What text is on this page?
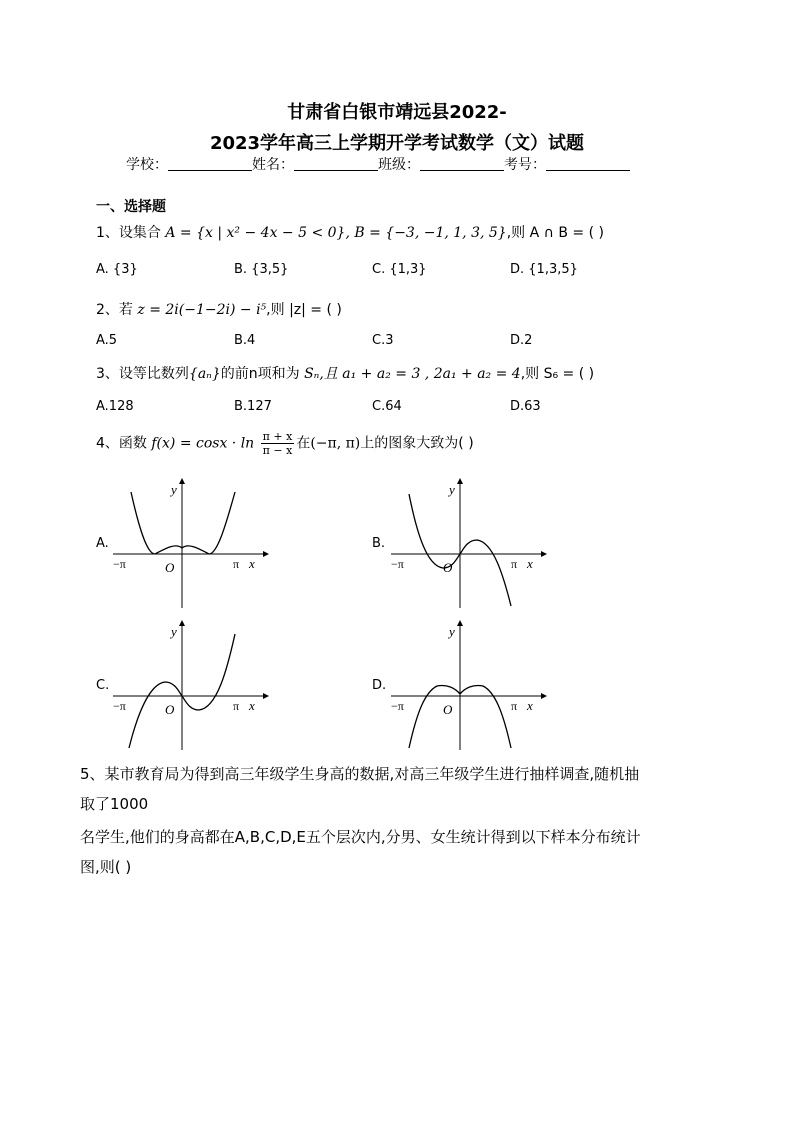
甘肃省白银市靖远县2022-
2023学年高三上学期开学考试数学（文）试题
学校：	姓名：	班级：	考号：
一、选择题
1、设集合 A = {x | x² − 4x − 5 < 0}, B = {−3, −1, 1, 3, 5},则 A ∩ B = ( )
A. {3}	B. {3,5}	C. {1,3}	D. {1,3,5}
2、若 z = 2i(−1−2i) − i⁵,则 |z| = ( )
A.5	B.4	C.3	D.2
3、设等比数列{aₙ}的前n项和为 Sₙ,且 a₁ + a₂ = 3 , 2a₁ + a₂ = 4,则 S₆ = ( )
A.128	B.127	C.64	D.63
4、函数 $f(x) = \cos x \cdot \ln \frac{\pi + x}{\pi - x}$ 在(−π, π)上的图象大致为( )
A.	B.
C.	D.
y
O
−π	π x
y
O
−π	π x
y
O
−π	π x
y
O
−π	π x
5、某市教育局为得到高三年级学生身高的数据,对高三年级学生进行抽样调查,随机抽
取了1000
名学生,他们的身高都在A,B,C,D,E五个层次内,分男、女生统计得到以下样本分布统计
图,则( )
